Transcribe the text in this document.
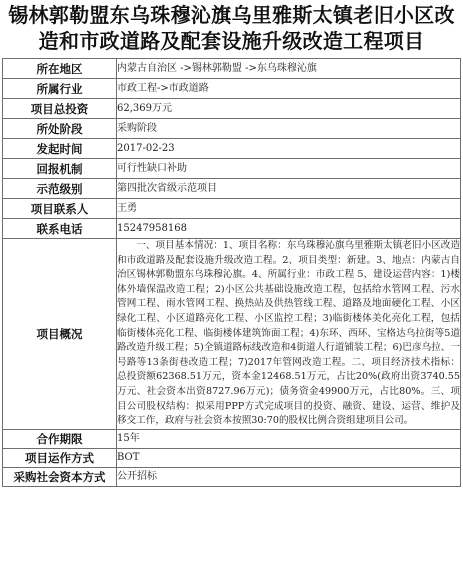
锡林郭勒盟东乌珠穆沁旗乌里雅斯太镇老旧小区改造和市政道路及配套设施升级改造工程项目
所在地区	内蒙古自治区 ->锡林郭勒盟 ->东乌珠穆沁旗
所属行业	市政工程->市政道路
项目总投资	62,369万元
所处阶段	采购阶段
发起时间	2017-02-23
回报机制	可行性缺口补助
示范级别	第四批次省级示范项目
项目联系人	王勇
联系电话	15247958168
项目概况	一、项目基本情况：1、项目名称：东乌珠穆沁旗乌里雅斯太镇老旧小区改造和市政道路及配套设施升级改造工程。2、项目类型：新建。3、地点：内蒙古自治区锡林郭勒盟东乌珠穆沁旗。4、所属行业：市政工程 5、建设运营内容：1)楼体外墙保温改造工程；2)小区公共基础设施改造工程，包括给水管网工程、污水管网工程、雨水管网工程、换热站及供热管线工程、道路及地面硬化工程、小区绿化工程、小区道路亮化工程、小区监控工程；3)临街楼体美化亮化工程，包括临街楼体亮化工程、临街楼体建筑饰面工程；4)东环、西环、宝格达乌拉街等5道路改造升级工程；5)全镇道路标线改造和4街道人行道铺装工程；6)巴彦乌拉、一号路等13条街巷改造工程；7)2017年管网改造工程。二、项目经济技术指标：总投资额62368.51万元，资本金12468.51万元，占比20%(政府出资3740.55万元、社会资本出资8727.96万元)；债务资金49900万元，占比80%。三、项目公司股权结构：拟采用PPP方式完成项目的投资、融资、建设、运营、维护及移交工作，政府与社会资本按照30:70的股权比例合资组建项目公司。
合作期限	15年
项目运作方式	BOT
采购社会资本方式	公开招标
